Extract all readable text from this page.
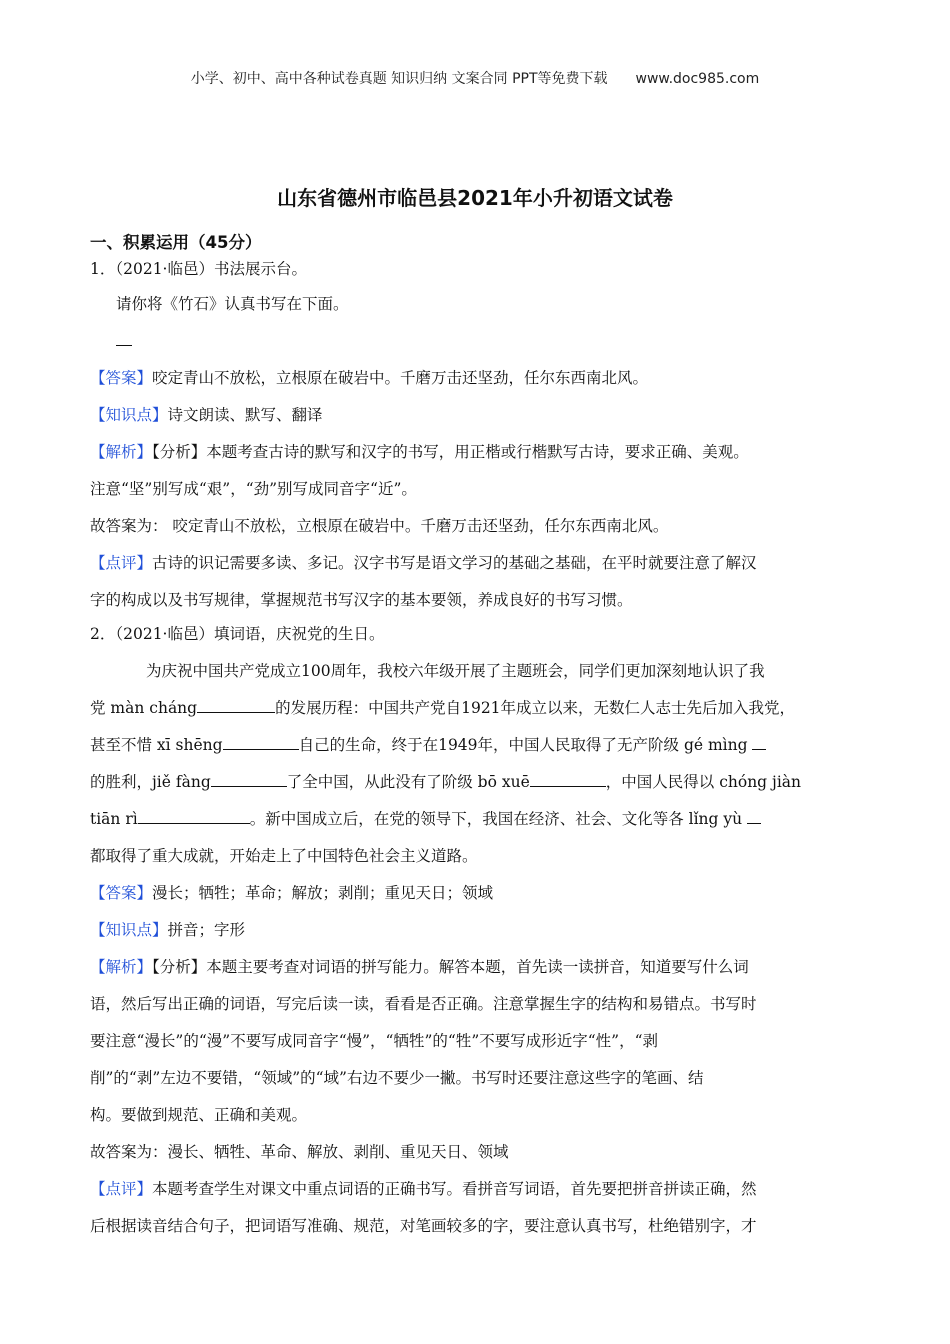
小学、初中、高中各种试卷真题 知识归纳 文案合同 PPT等免费下载 www.doc985.com
山东省德州市临邑县2021年小升初语文试卷
一、积累运用（45分）
1．（2021·临邑）书法展示台。
请你将《竹石》认真书写在下面。
【答案】咬定青山不放松，立根原在破岩中。千磨万击还坚劲，任尔东西南北风。
【知识点】诗文朗读、默写、翻译
【解析】【分析】本题考查古诗的默写和汉字的书写，用正楷或行楷默写古诗，要求正确、美观。
注意“坚”别写成“艰”，“劲”别写成同音字“近”。
故答案为： 咬定青山不放松，立根原在破岩中。千磨万击还坚劲，任尔东西南北风。
【点评】古诗的识记需要多读、多记。汉字书写是语文学习的基础之基础，在平时就要注意了解汉
字的构成以及书写规律，掌握规范书写汉字的基本要领，养成良好的书写习惯。
2．（2021·临邑）填词语，庆祝党的生日。
为庆祝中国共产党成立100周年，我校六年级开展了主题班会，同学们更加深刻地认识了我
党 màn cháng	的发展历程：中国共产党自1921年成立以来，无数仁人志士先后加入我党，
甚至不惜 xī shēng	自己的生命，终于在1949年，中国人民取得了无产阶级 gé mìng
的胜利，jiě fàng	了全中国，从此没有了阶级 bō xuē	，中国人民得以 chóng jiàn
tiān rì	。新中国成立后，在党的领导下，我国在经济、社会、文化等各 lǐng yù
都取得了重大成就，开始走上了中国特色社会主义道路。
【答案】漫长；牺牲；革命；解放；剥削；重见天日；领域
【知识点】拼音；字形
【解析】【分析】本题主要考查对词语的拼写能力。解答本题，首先读一读拼音，知道要写什么词
语，然后写出正确的词语，写完后读一读，看看是否正确。注意掌握生字的结构和易错点。书写时
要注意“漫长”的“漫”不要写成同音字“慢”，“牺牲”的“牲”不要写成形近字“性”，“剥
削”的“剥”左边不要错，“领域”的“域”右边不要少一撇。书写时还要注意这些字的笔画、结
构。要做到规范、正确和美观。
故答案为：漫长、牺牲、革命、解放、剥削、重见天日、领域
【点评】本题考查学生对课文中重点词语的正确书写。看拼音写词语，首先要把拼音拼读正确，然
后根据读音结合句子，把词语写准确、规范，对笔画较多的字，要注意认真书写，杜绝错别字，才
